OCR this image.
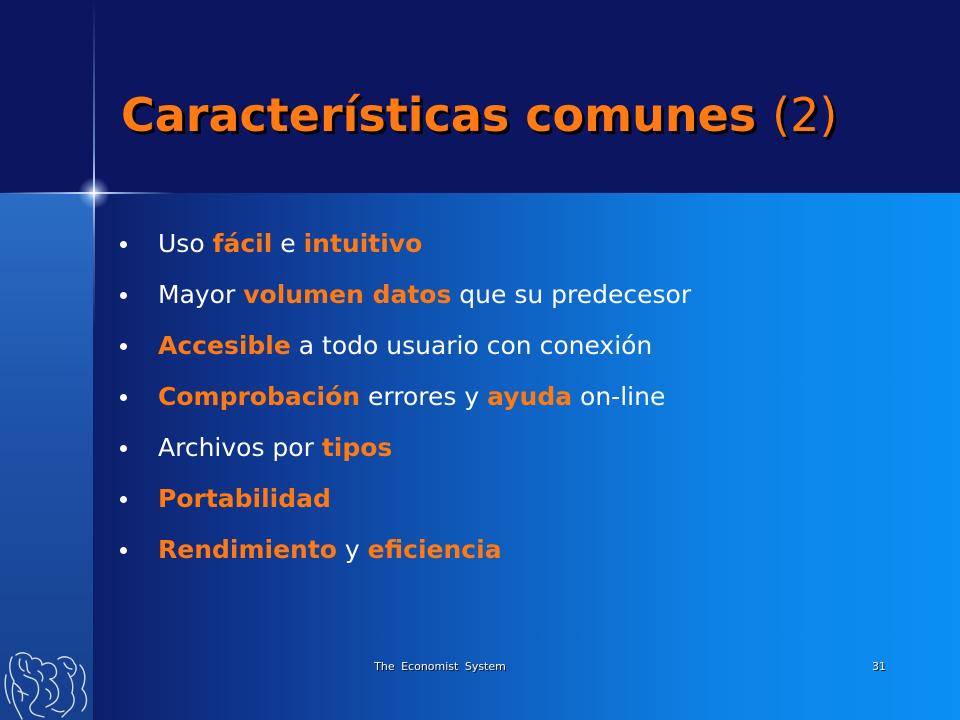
Características comunes (2)
Uso fácil e intuitivo
Mayor volumen datos que su predecesor
Accesible a todo usuario con conexión
Comprobación errores y ayuda on-line
Archivos por tipos
Portabilidad
Rendimiento y eficiencia
The Economist System	31
